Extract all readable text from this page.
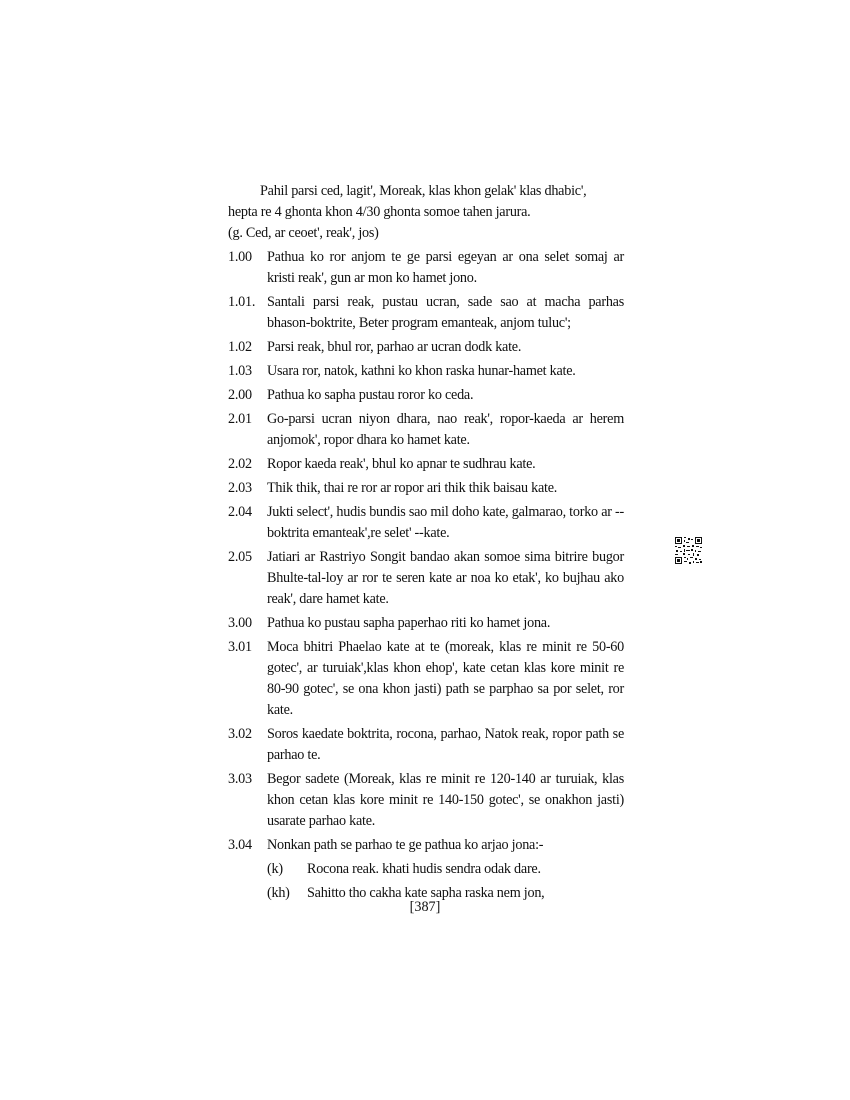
Pahil parsi ced, lagit', Moreak, klas khon gelak' klas dhabic',
hepta re 4 ghonta khon 4/30 ghonta somoe tahen jarura.
(g. Ced, ar ceoet', reak', jos)
1.00	Pathua ko ror anjom te ge parsi egeyan ar ona selet somaj ar kristi reak', gun ar mon ko hamet jono.
1.01. Santali parsi reak, pustau ucran, sade sao at macha parhas bhason-boktrite, Beter program emanteak, anjom tuluc';
1.02	Parsi reak, bhul ror, parhao ar ucran dodk kate.
1.03	Usara ror, natok, kathni ko khon raska hunar-hamet kate.
2.00	Pathua ko sapha pustau roror ko ceda.
2.01	Go-parsi ucran niyon dhara, nao reak', ropor-kaeda ar herem anjomok', ropor dhara ko hamet kate.
2.02	Ropor kaeda reak', bhul ko apnar te sudhrau kate.
2.03	Thik thik, thai re ror ar ropor ari thik thik baisau kate.
2.04	Jukti select', hudis bundis sao mil doho kate, galmarao, torko ar --boktrita emanteak',re selet' --kate.
2.05	Jatiari ar Rastriyo Songit bandao akan somoe sima bitrire bugor Bhulte-tal-loy ar ror te seren kate ar noa ko etak', ko bujhau ako reak', dare hamet kate.
3.00	Pathua ko pustau sapha paperhao riti ko hamet jona.
3.01	Moca bhitri Phaelao kate at te (moreak, klas re minit re 50-60 gotec', ar turuiak',klas khon ehop', kate cetan klas kore minit re 80-90 gotec', se ona khon jasti) path se parphao sa por selet, ror kate.
3.02	Soros kaedate boktrita, rocona, parhao, Natok reak, ropor path se parhao te.
3.03	Begor sadete (Moreak, klas re minit re 120-140 ar turuiak, klas khon cetan klas kore minit re 140-150 gotec', se onakhon jasti) usarate parhao kate.
3.04	Nonkan path se parhao te ge pathua ko arjao jona:-
(k)	Rocona reak. khati hudis sendra odak dare.
(kh)	Sahitto tho cakha kate sapha raska nem jon,
[387]
